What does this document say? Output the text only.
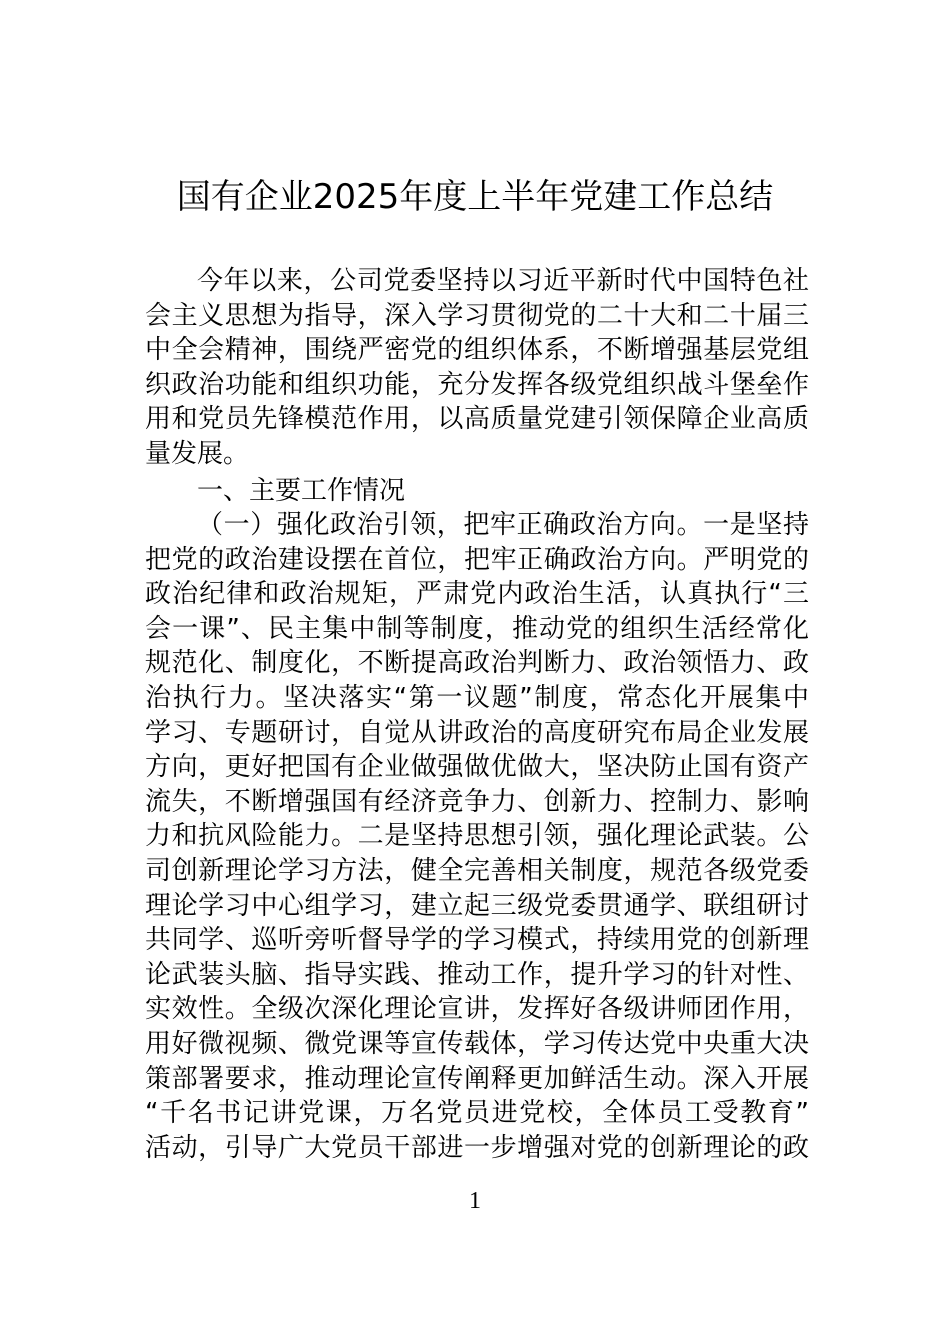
国有企业2025年度上半年党建工作总结
今年以来，公司党委坚持以习近平新时代中国特色社
会主义思想为指导，深入学习贯彻党的二十大和二十届三
中全会精神，围绕严密党的组织体系，不断增强基层党组
织政治功能和组织功能，充分发挥各级党组织战斗堡垒作
用和党员先锋模范作用，以高质量党建引领保障企业高质
量发展。
一、主要工作情况
（一）强化政治引领，把牢正确政治方向。一是坚持
把党的政治建设摆在首位，把牢正确政治方向。严明党的
政治纪律和政治规矩，严肃党内政治生活，认真执行“三
会一课”、民主集中制等制度，推动党的组织生活经常化
规范化、制度化，不断提高政治判断力、政治领悟力、政
治执行力。坚决落实“第一议题”制度，常态化开展集中
学习、专题研讨，自觉从讲政治的高度研究布局企业发展
方向，更好把国有企业做强做优做大，坚决防止国有资产
流失，不断增强国有经济竞争力、创新力、控制力、影响
力和抗风险能力。二是坚持思想引领，强化理论武装。公
司创新理论学习方法，健全完善相关制度，规范各级党委
理论学习中心组学习，建立起三级党委贯通学、联组研讨
共同学、巡听旁听督导学的学习模式，持续用党的创新理
论武装头脑、指导实践、推动工作，提升学习的针对性、
实效性。全级次深化理论宣讲，发挥好各级讲师团作用，
用好微视频、微党课等宣传载体，学习传达党中央重大决
策部署要求，推动理论宣传阐释更加鲜活生动。深入开展
“千名书记讲党课，万名党员进党校，全体员工受教育”
活动，引导广大党员干部进一步增强对党的创新理论的政
1
